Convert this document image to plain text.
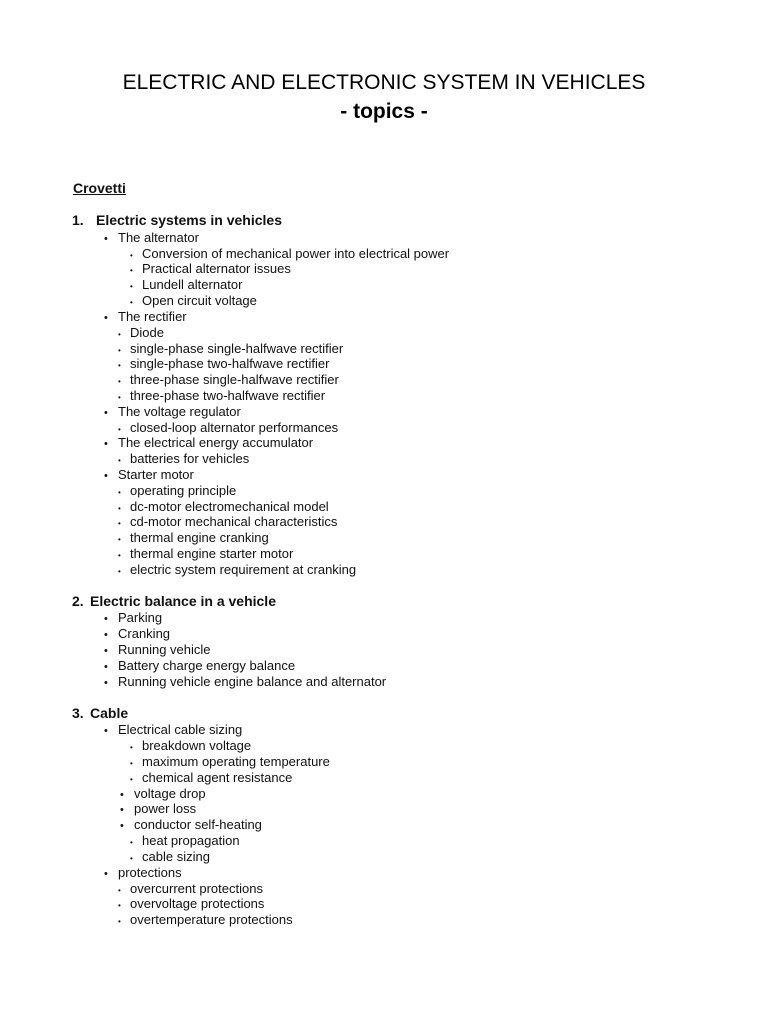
ELECTRIC AND ELECTRONIC SYSTEM IN VEHICLES
- topics -
Crovetti
1. Electric systems in vehicles
• The alternator
• Conversion of mechanical power into electrical power
• Practical alternator issues
• Lundell alternator
• Open circuit voltage
• The rectifier
• Diode
• single-phase single-halfwave rectifier
• single-phase two-halfwave rectifier
• three-phase single-halfwave rectifier
• three-phase two-halfwave rectifier
• The voltage regulator
• closed-loop alternator performances
• The electrical energy accumulator
• batteries for vehicles
• Starter motor
• operating principle
• dc-motor electromechanical model
• cd-motor mechanical characteristics
• thermal engine cranking
• thermal engine starter motor
• electric system requirement at cranking
2. Electric balance in a vehicle
• Parking
• Cranking
• Running vehicle
• Battery charge energy balance
• Running vehicle engine balance and alternator
3. Cable
• Electrical cable sizing
• breakdown voltage
• maximum operating temperature
• chemical agent resistance
• voltage drop
• power loss
• conductor self-heating
• heat propagation
• cable sizing
• protections
• overcurrent protections
• overvoltage protections
• overtemperature protections
